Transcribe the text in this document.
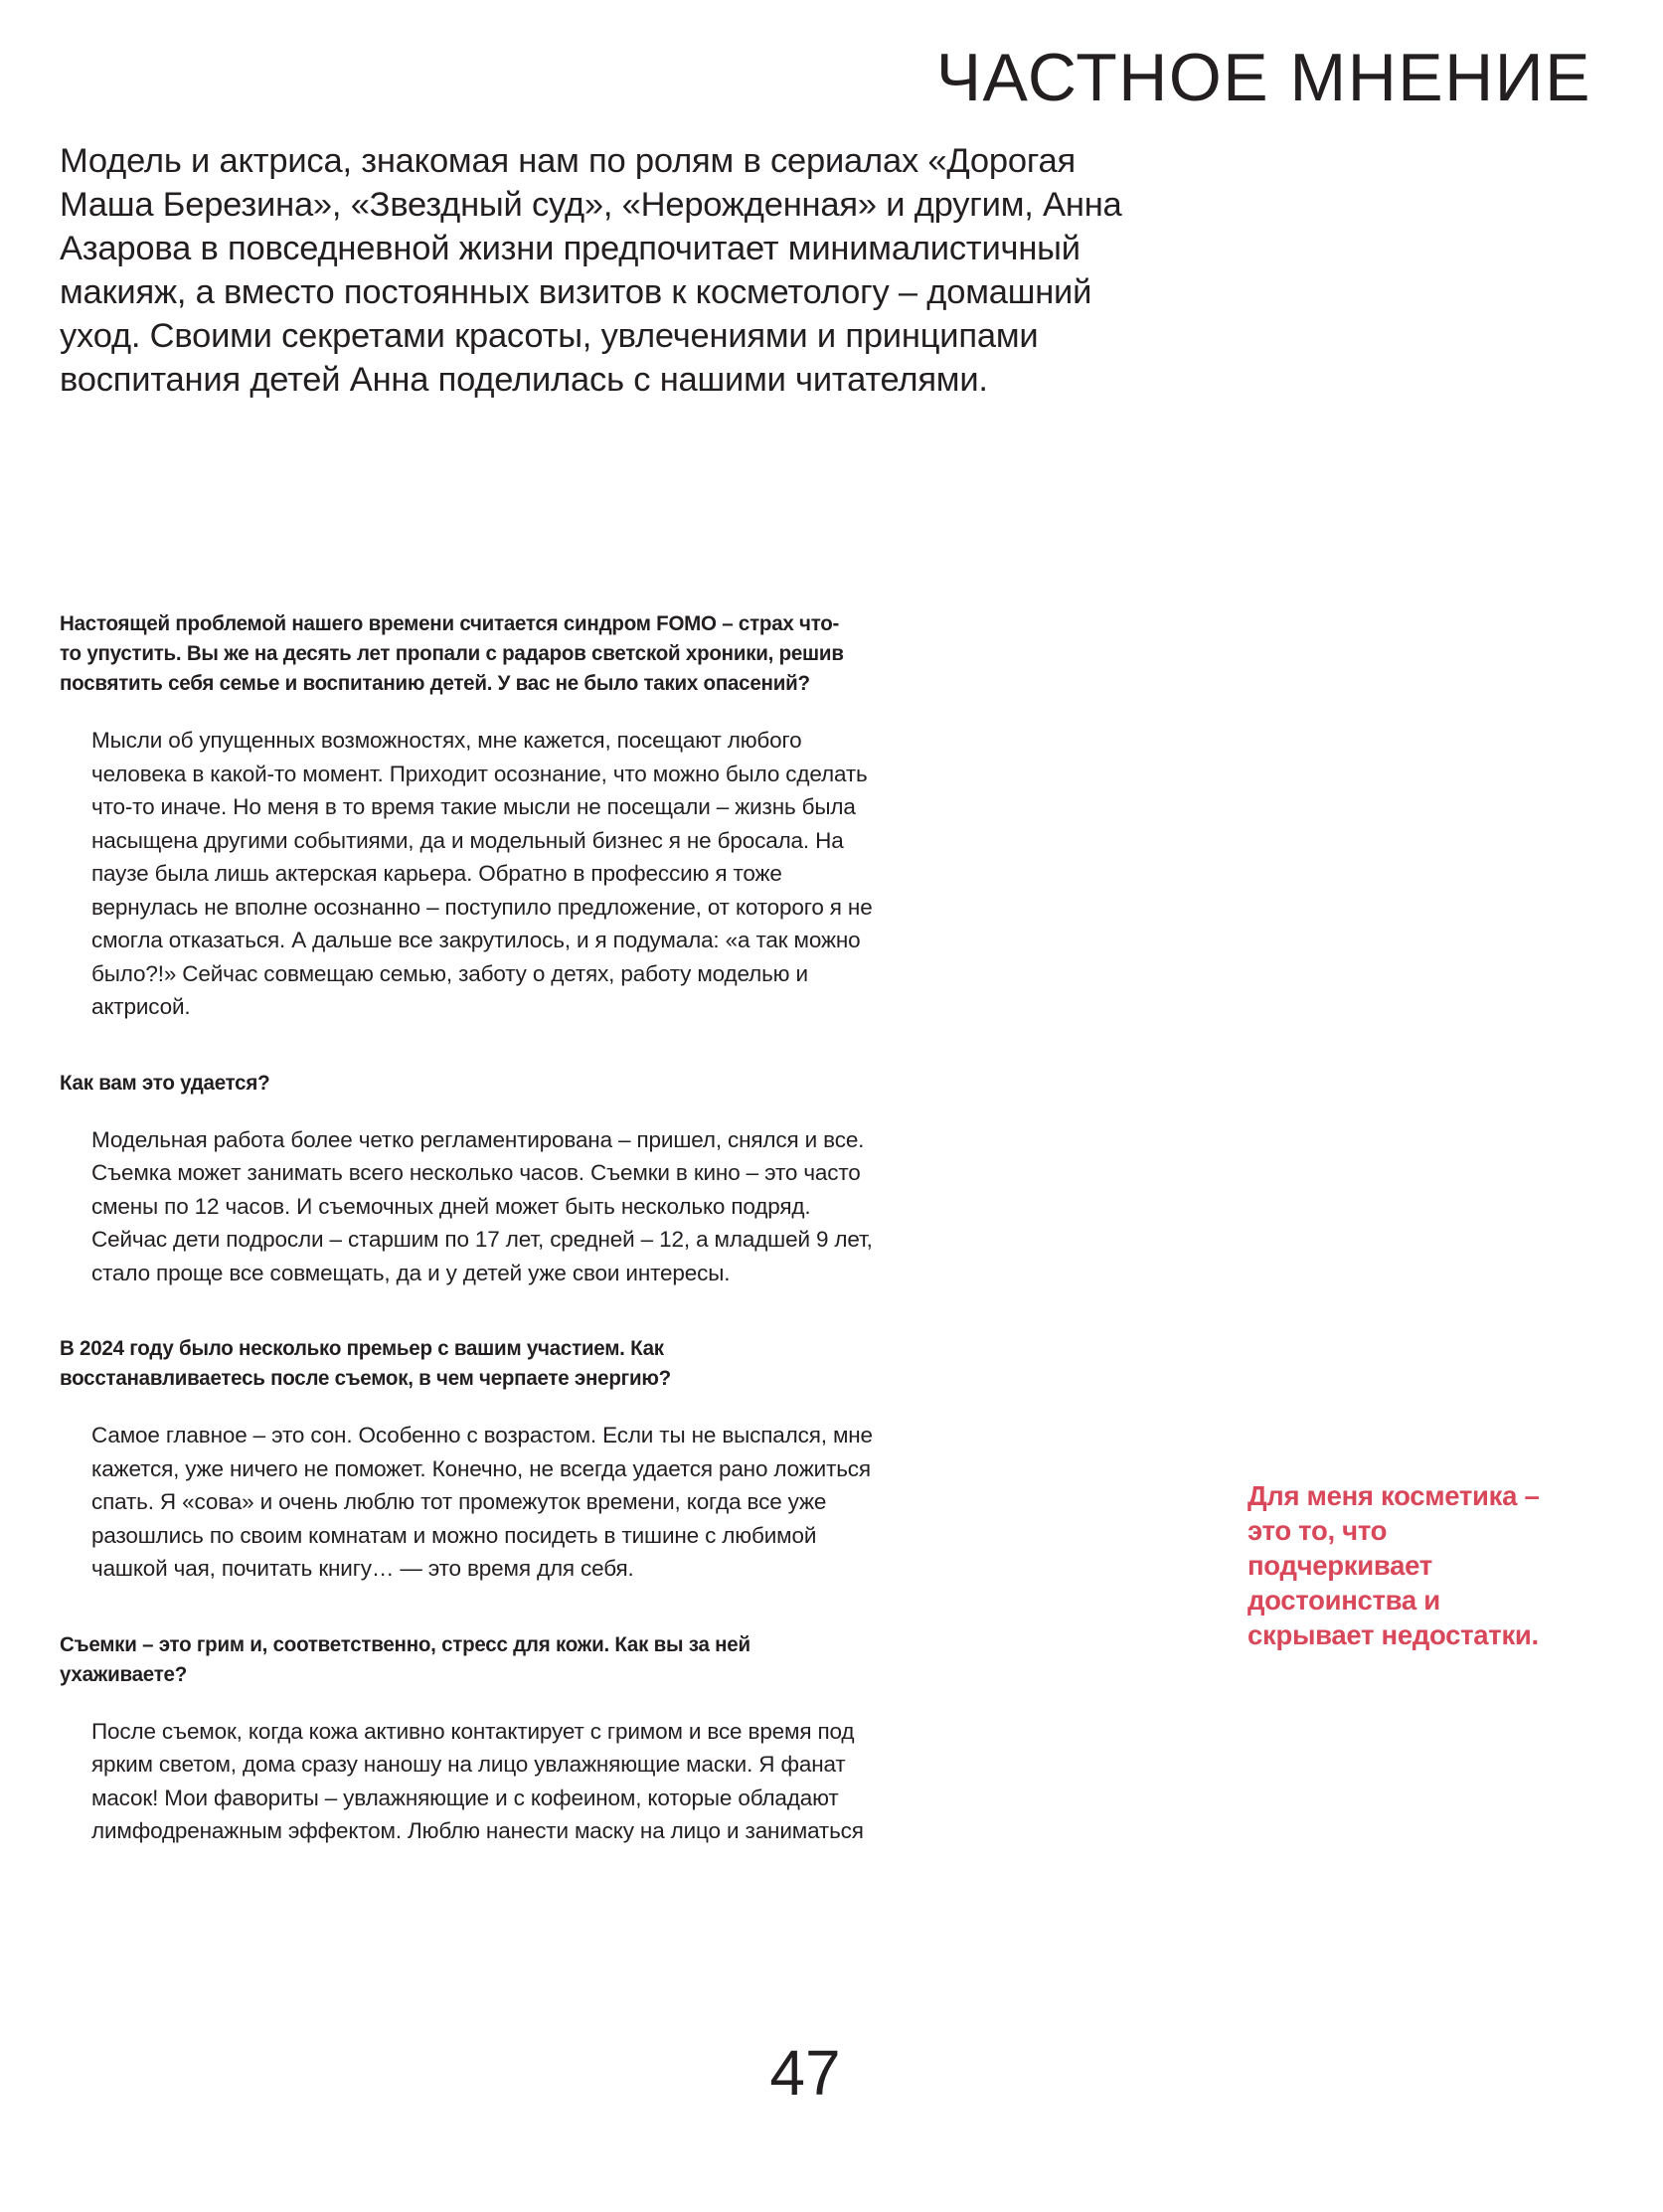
ЧАСТНОЕ МНЕНИЕ

Модель и актриса, знакомая нам по ролям в сериалах «Дорогая Маша Березина», «Звездный суд», «Нерожденная» и другим, Анна Азарова в повседневной жизни предпочитает минималистичный макияж, а вместо постоянных визитов к косметологу – домашний уход. Своими секретами красоты, увлечениями и принципами воспитания детей Анна поделилась с нашими читателями.

Настоящей проблемой нашего времени считается синдром FOMO – страх что-то упустить. Вы же на десять лет пропали с радаров светской хроники, решив посвятить себя семье и воспитанию детей. У вас не было таких опасений?

Мысли об упущенных возможностях, мне кажется, посещают любого человека в какой-то момент. Приходит осознание, что можно было сделать что-то иначе. Но меня в то время такие мысли не посещали – жизнь была насыщена другими событиями, да и модельный бизнес я не бросала. На паузе была лишь актерская карьера. Обратно в профессию я тоже вернулась не вполне осознанно – поступило предложение, от которого я не смогла отказаться. А дальше все закрутилось, и я подумала: «а так можно было?!» Сейчас совмещаю семью, заботу о детях, работу моделью и актрисой.

Как вам это удается?

Модельная работа более четко регламентирована – пришел, снялся и все. Съемка может занимать всего несколько часов. Съемки в кино – это часто смены по 12 часов. И съемочных дней может быть несколько подряд. Сейчас дети подросли – старшим по 17 лет, средней – 12, а младшей 9 лет, стало проще все совмещать, да и у детей уже свои интересы.

В 2024 году было несколько премьер с вашим участием. Как восстанавливаетесь после съемок, в чем черпаете энергию?

Самое главное – это сон. Особенно с возрастом. Если ты не выспался, мне кажется, уже ничего не поможет. Конечно, не всегда удается рано ложиться спать. Я «сова» и очень люблю тот промежуток времени, когда все уже разошлись по своим комнатам и можно посидеть в тишине с любимой чашкой чая, почитать книгу… — это время для себя.

Съемки – это грим и, соответственно, стресс для кожи. Как вы за ней ухаживаете?

После съемок, когда кожа активно контактирует с гримом и все время под ярким светом, дома сразу наношу на лицо увлажняющие маски. Я фанат масок! Мои фавориты – увлажняющие и с кофеином, которые обладают лимфодренажным эффектом. Люблю нанести маску на лицо и заниматься

Для меня косметика – это то, что подчеркивает достоинства и скрывает недостатки.

47
